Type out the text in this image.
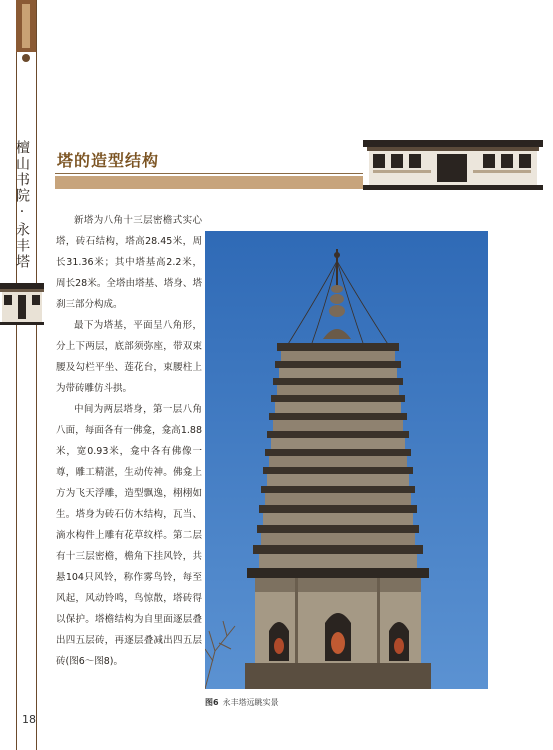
檀山书院·永丰塔
18
塔的造型结构

新塔为八角十三层密檐式实心塔，砖石结构，塔高28.45米，周长31.36米；其中塔基高2.2米，周长28米。全塔由塔基、塔身、塔刹三部分构成。

最下为塔基，平面呈八角形，分上下两层，底部须弥座，带双束腰及勾栏平坐、莲花台，束腰柱上为带砖雕仿斗拱。

中间为两层塔身，第一层八角八面，每面各有一佛龛，龛高1.88米，宽0.93米，龛中各有佛像一尊，雕工精湛，生动传神。佛龛上方为飞天浮雕，造型飘逸，栩栩如生。塔身为砖石仿木结构，瓦当、滴水构件上雕有花草纹样。第二层有十三层密檐，檐角下挂风铃，共悬104只风铃，称作雾鸟铃，每至风起，风动铃鸣，鸟惊散，塔砖得以保护。塔檐结构为自里面逐层叠出四五层砖，再逐层叠减出四五层砖(图6～图8)。

图6 永丰塔远眺实景
